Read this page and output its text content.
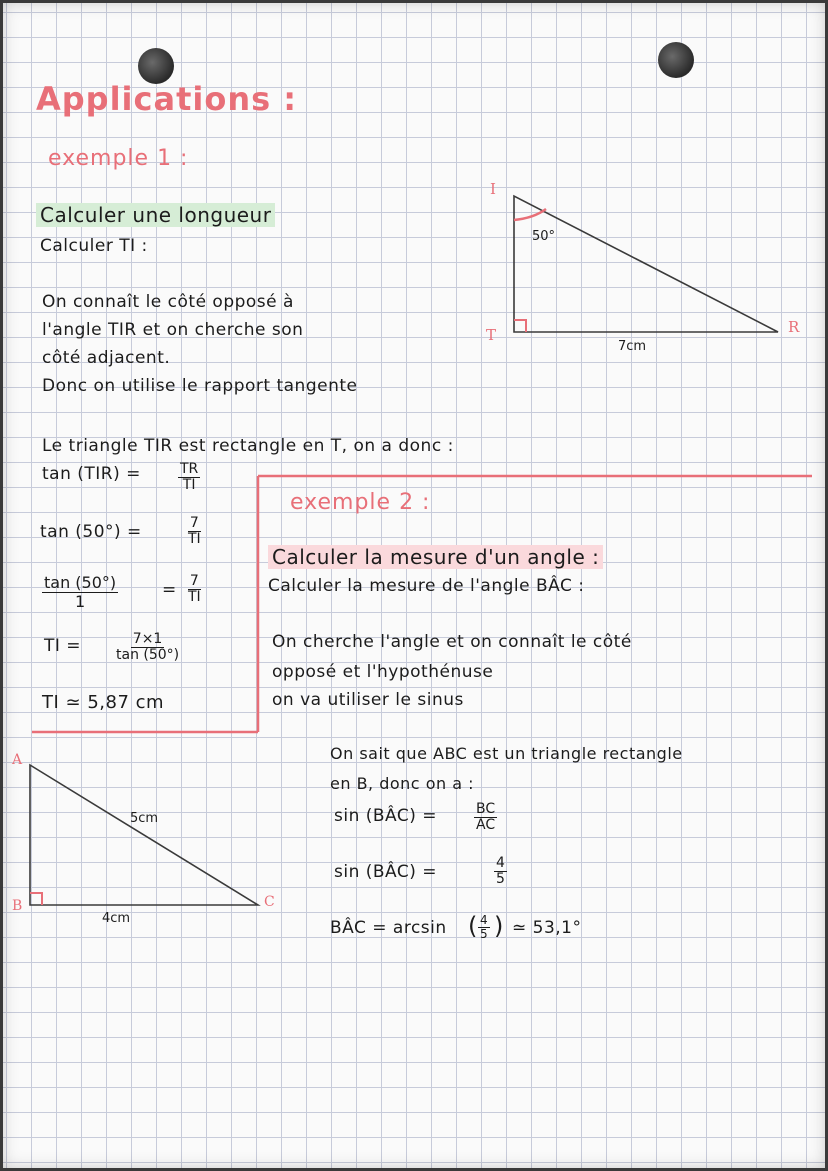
Applications :
exemple 1 :
Calculer une longueur
Calculer TI :
On connaît le côté opposé à
l'angle TIR et on cherche son
côté adjacent.
Donc on utilise le rapport tangente
Le triangle TIR est rectangle en T, on a donc :
tan (TIR) =	$\frac{TR}{TI}$
tan (50°) =	$\frac{7}{TI}$
$\frac{\tan (50^\circ)}{1}$	= $\frac{7}{TI}$
TI = $\frac{7\times 1}{\tan (50^\circ)}$
TI ≃ 5,87 cm
exemple 2 :
Calculer la mesure d'un angle :
Calculer la mesure de l'angle BÂC :
On cherche l'angle et on connaît le côté
opposé et l'hypothénuse
on va utiliser le sinus
On sait que ABC est un triangle rectangle
en B, donc on a :
sin (BÂC) =	$\frac{BC}{AC}$
sin (BÂC) =	$\frac{4}{5}$
BÂC = arcsin ( $\frac{4}{5}$ ) ≃ 53,1°
I
T	R
50°
7cm
A
B	C
5cm
4cm
